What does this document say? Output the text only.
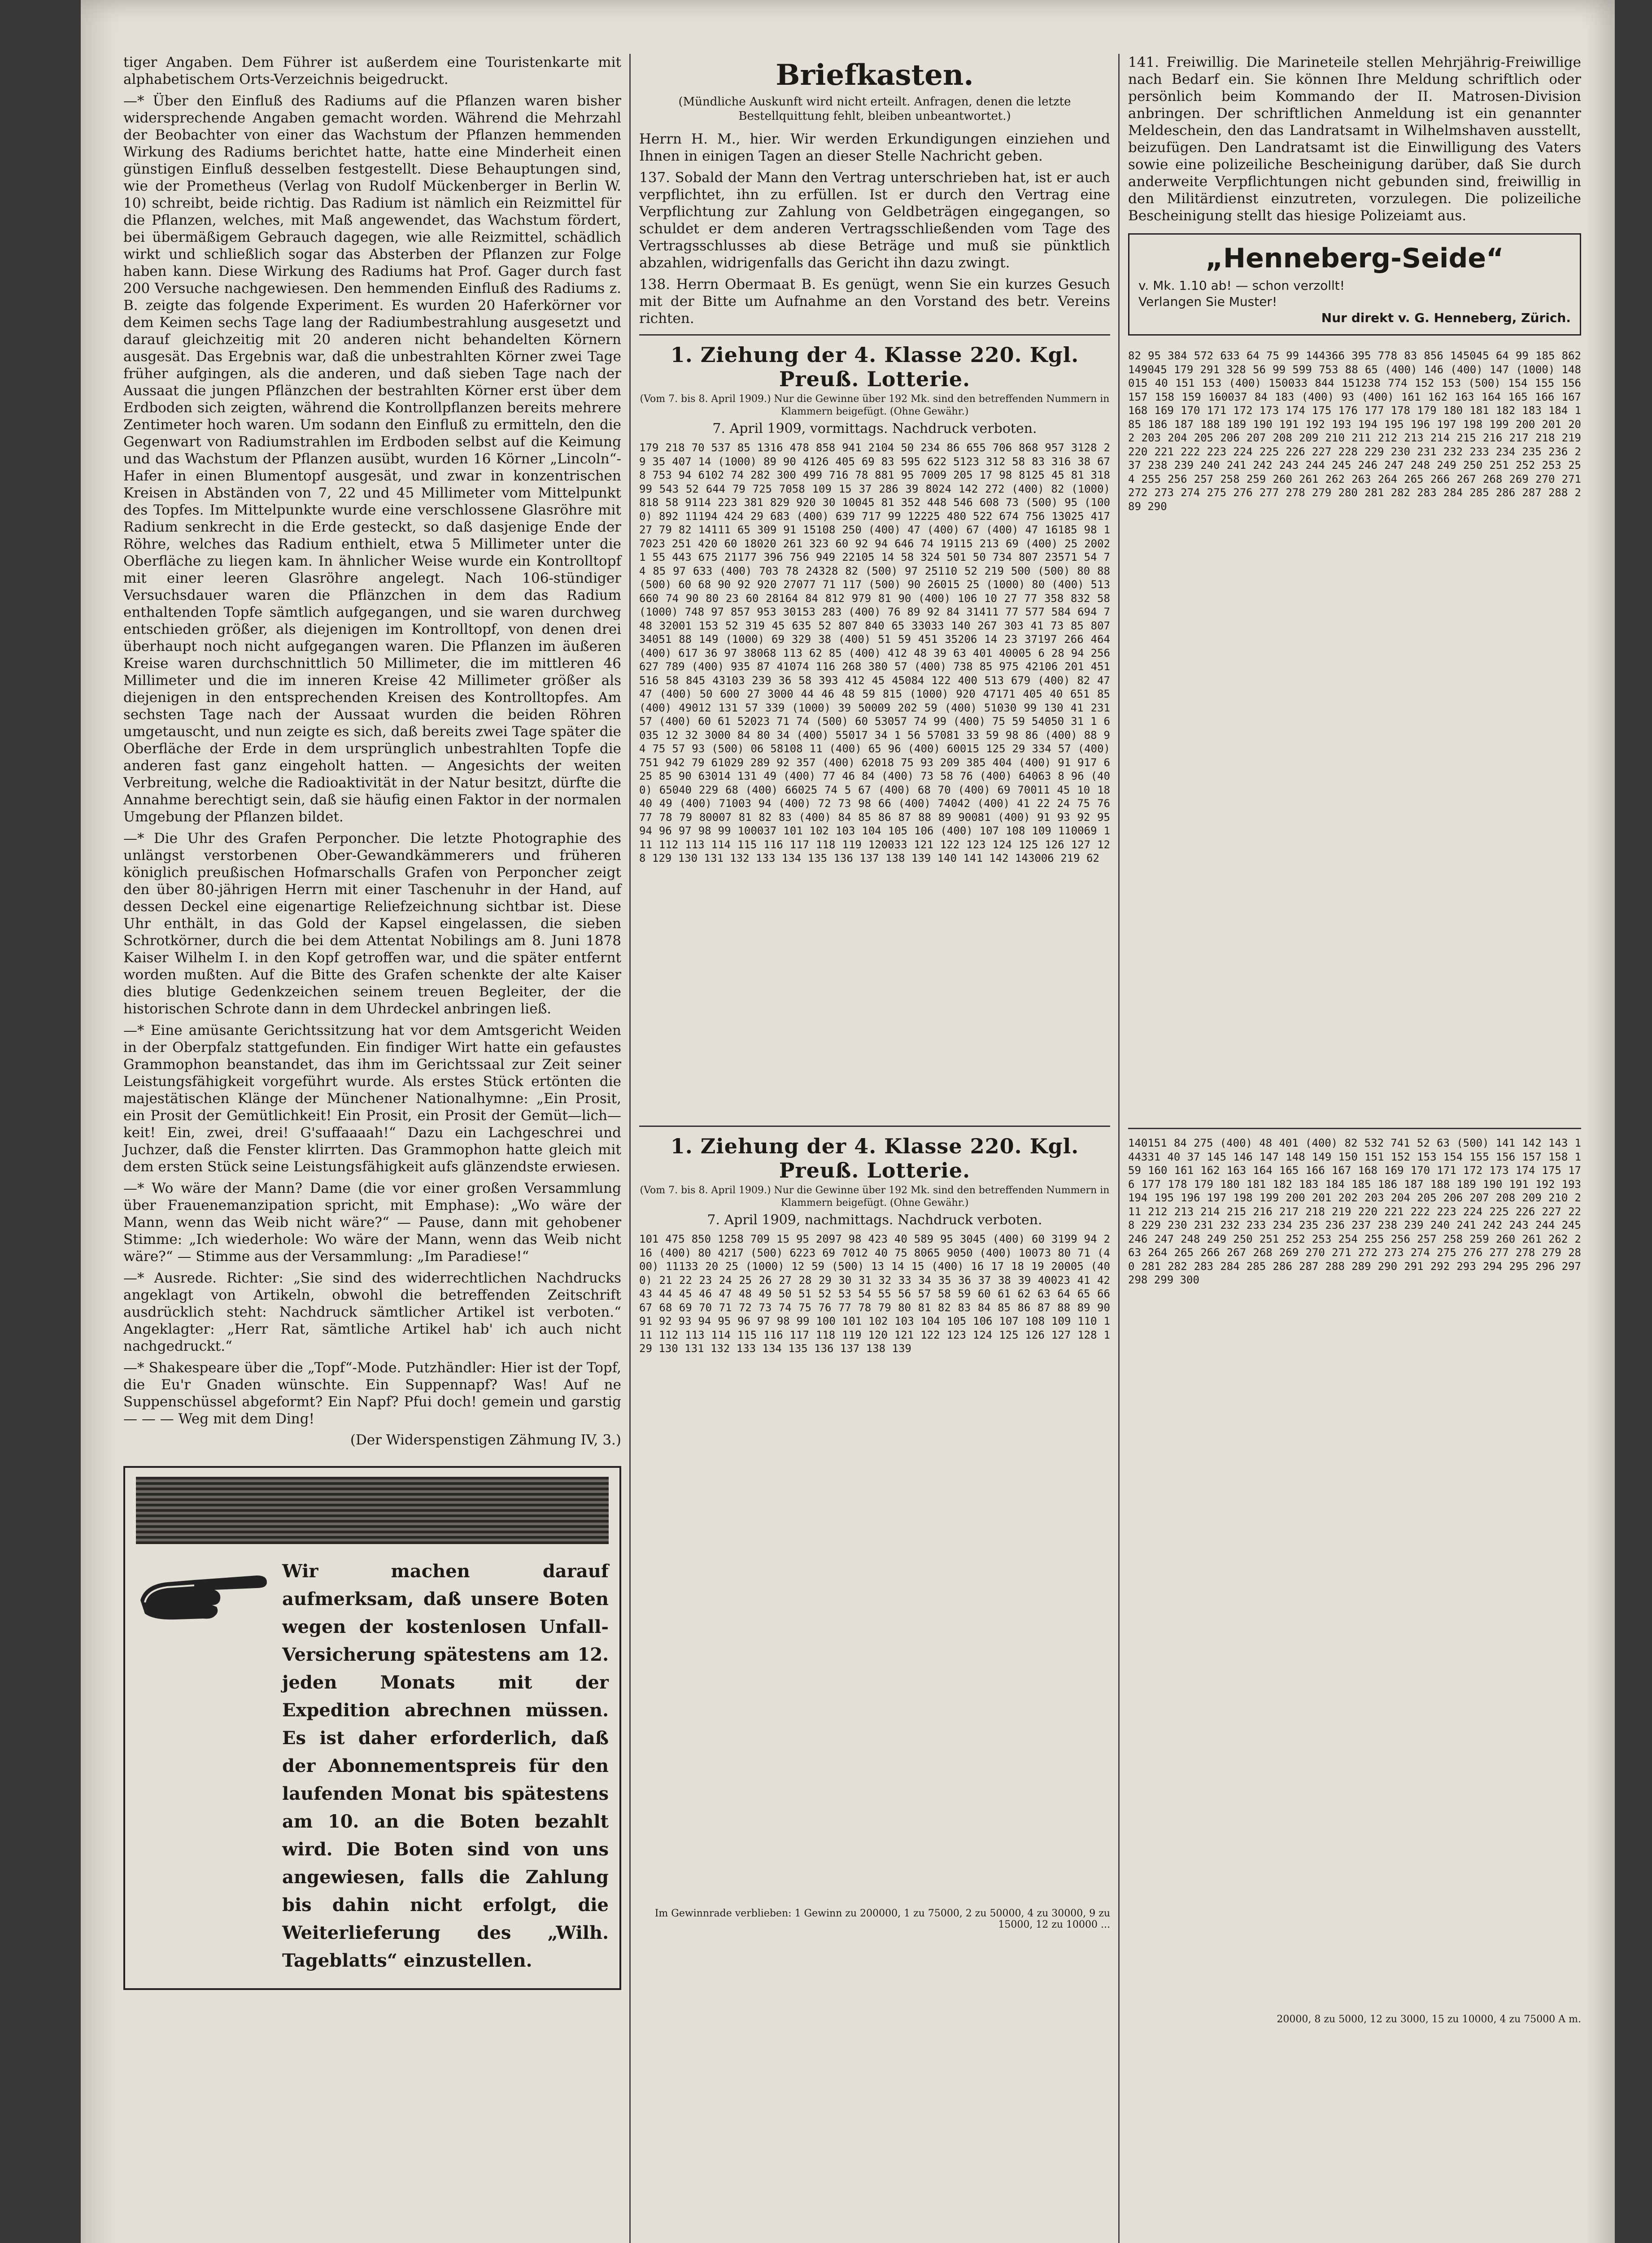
tiger Angaben. Dem Führer ist außerdem eine Touristenkarte mit alphabetischem Orts-Verzeichnis beigedruckt.

—* Über den Einfluß des Radiums auf die Pflanzen waren bisher widersprechende Angaben gemacht worden. Während die Mehrzahl der Beobachter von einer das Wachstum der Pflanzen hemmenden Wirkung des Radiums berichtet hatte, hatte eine Minderheit einen günstigen Einfluß desselben festgestellt. Diese Behauptungen sind, wie der Prometheus (Verlag von Rudolf Mückenberger in Berlin W. 10) schreibt, beide richtig. Das Radium ist nämlich ein Reizmittel für die Pflanzen, welches, mit Maß angewendet, das Wachstum fördert, bei übermäßigem Gebrauch dagegen, wie alle Reizmittel, schädlich wirkt und schließlich sogar das Absterben der Pflanzen zur Folge haben kann. Diese Wirkung des Radiums hat Prof. Gager durch fast 200 Versuche nachgewiesen. Den hemmenden Einfluß des Radiums z. B. zeigte das folgende Experiment. Es wurden 20 Haferkörner vor dem Keimen sechs Tage lang der Radiumbestrahlung ausgesetzt und darauf gleichzeitig mit 20 anderen nicht behandelten Körnern ausgesät. Das Ergebnis war, daß die unbestrahlten Körner zwei Tage früher aufgingen, als die anderen, und daß sieben Tage nach der Aussaat die jungen Pflänzchen der bestrahlten Körner erst über dem Erdboden sich zeigten, während die Kontrollpflanzen bereits mehrere Zentimeter hoch waren. Um sodann den Einfluß zu ermitteln, den die Gegenwart von Radiumstrahlen im Erdboden selbst auf die Keimung und das Wachstum der Pflanzen ausübt, wurden 16 Körner „Lincoln“-Hafer in einen Blumentopf ausgesät, und zwar in konzentrischen Kreisen in Abständen von 7, 22 und 45 Millimeter vom Mittelpunkt des Topfes. Im Mittelpunkte wurde eine verschlossene Glasröhre mit Radium senkrecht in die Erde gesteckt, so daß dasjenige Ende der Röhre, welches das Radium enthielt, etwa 5 Millimeter unter die Oberfläche zu liegen kam. In ähnlicher Weise wurde ein Kontrolltopf mit einer leeren Glasröhre angelegt. Nach 106-stündiger Versuchsdauer waren die Pflänzchen in dem das Radium enthaltenden Topfe sämtlich aufgegangen, und sie waren durchweg entschieden größer, als diejenigen im Kontrolltopf, von denen drei überhaupt noch nicht aufgegangen waren. Die Pflanzen im äußeren Kreise waren durchschnittlich 50 Millimeter, die im mittleren 46 Millimeter und die im inneren Kreise 42 Millimeter größer als diejenigen in den entsprechenden Kreisen des Kontrolltopfes. Am sechsten Tage nach der Aussaat wurden die beiden Röhren umgetauscht, und nun zeigte es sich, daß bereits zwei Tage später die Oberfläche der Erde in dem ursprünglich unbestrahlten Topfe die anderen fast ganz eingeholt hatten. — Angesichts der weiten Verbreitung, welche die Radioaktivität in der Natur besitzt, dürfte die Annahme berechtigt sein, daß sie häufig einen Faktor in der normalen Umgebung der Pflanzen bildet.

—* Die Uhr des Grafen Perponcher. Die letzte Photographie des unlängst verstorbenen Ober-Gewandkämmerers und früheren königlich preußischen Hofmarschalls Grafen von Perponcher zeigt den über 80-jährigen Herrn mit einer Taschenuhr in der Hand, auf dessen Deckel eine eigenartige Reliefzeichnung sichtbar ist. Diese Uhr enthält, in das Gold der Kapsel eingelassen, die sieben Schrotkörner, durch die bei dem Attentat Nobilings am 8. Juni 1878 Kaiser Wilhelm I. in den Kopf getroffen war, und die später entfernt worden mußten. Auf die Bitte des Grafen schenkte der alte Kaiser dies blutige Gedenkzeichen seinem treuen Begleiter, der die historischen Schrote dann in dem Uhrdeckel anbringen ließ.

—* Eine amüsante Gerichtssitzung hat vor dem Amtsgericht Weiden in der Oberpfalz stattgefunden. Ein findiger Wirt hatte ein gefaustes Grammophon beanstandet, das ihm im Gerichtssaal zur Zeit seiner Leistungsfähigkeit vorgeführt wurde. Als erstes Stück ertönten die majestätischen Klänge der Münchener Nationalhymne: „Ein Prosit, ein Prosit der Gemütlichkeit! Ein Prosit, ein Prosit der Gemüt—lich—keit! Ein, zwei, drei! G'suffaaaah!“ Dazu ein Lachgeschrei und Juchzer, daß die Fenster klirrten. Das Grammophon hatte gleich mit dem ersten Stück seine Leistungsfähigkeit aufs glänzendste erwiesen.

—* Wo wäre der Mann? Dame (die vor einer großen Versammlung über Frauenemanzipation spricht, mit Emphase): „Wo wäre der Mann, wenn das Weib nicht wäre?“ — Pause, dann mit gehobener Stimme: „Ich wiederhole: Wo wäre der Mann, wenn das Weib nicht wäre?“ — Stimme aus der Versammlung: „Im Paradiese!“

—* Ausrede. Richter: „Sie sind des widerrechtlichen Nachdrucks angeklagt von Artikeln, obwohl die betreffenden Zeitschrift ausdrücklich steht: Nachdruck sämtlicher Artikel ist verboten.“ Angeklagter: „Herr Rat, sämtliche Artikel hab' ich auch nicht nachgedruckt.“

—* Shakespeare über die „Topf“-Mode. Putzhändler: Hier ist der Topf, die Eu'r Gnaden wünschte. Ein Suppennapf? Was! Auf ne Suppenschüssel abgeformt? Ein Napf? Pfui doch! gemein und garstig — — — Weg mit dem Ding!

(Der Widerspenstigen Zähmung IV, 3.)

Wir machen darauf aufmerksam, daß unsere Boten wegen der kostenlosen Unfall-Versicherung spätestens am 12. jeden Monats mit der Expedition abrechnen müssen. Es ist daher erforderlich, daß der Abonnementspreis für den laufenden Monat bis spätestens am 10. an die Boten bezahlt wird. Die Boten sind von uns angewiesen, falls die Zahlung bis dahin nicht erfolgt, die Weiterlieferung des „Wilh. Tageblatts“ einzustellen.

Briefkasten.
(Mündliche Auskunft wird nicht erteilt. Anfragen, denen die letzte Bestellquittung fehlt, bleiben unbeantwortet.)

Herrn H. M., hier. Wir werden Erkundigungen einziehen und Ihnen in einigen Tagen an dieser Stelle Nachricht geben.

137. Sobald der Mann den Vertrag unterschrieben hat, ist er auch verpflichtet, ihn zu erfüllen. Ist er durch den Vertrag eine Verpflichtung zur Zahlung von Geldbeträgen eingegangen, so schuldet er dem anderen Vertragsschließenden vom Tage des Vertragsschlusses ab diese Beträge und muß sie pünktlich abzahlen, widrigenfalls das Gericht ihn dazu zwingt.

138. Herrn Obermaat B. Es genügt, wenn Sie ein kurzes Gesuch mit der Bitte um Aufnahme an den Vorstand des betr. Vereins richten.

1. Ziehung der 4. Klasse 220. Kgl. Preuß. Lotterie.
(Vom 7. bis 8. April 1909.) Nur die Gewinne über 192 Mk. sind den betreffenden Nummern in Klammern beigefügt. (Ohne Gewähr.)
7. April 1909, vormittags. Nachdruck verboten.

179 218 70 537 85 1316 478 858 941 2104 50 234 86 655 706 868 957 3128 29 35 407 14 (1000) 89 90 4126 405 69 83 595 622 5123 312 58 83 316 38 678 753 94 6102 74 282 300 499 716 78 881 95 7009 205 17 98 8125 45 81 318 99 543 52 644 79 725 7058 109 15 37 286 39 8024 142 272 (400) 82 (1000) 818 58 9114 223 381 829 920 30 10045 81 352 448 546 608 73 (500) 95 (1000) 892 11194 424 29 683 (400) 639 717 99 12225 480 522 674 756 13025 417 27 79 82 14111 65 309 91 15108 250 (400) 47 (400) 67 (400) 47 16185 98 17023 251 420 60 18020 261 323 60 92 94 646 74 19115 213 69 (400) 25 20021 55 443 675 21177 396 756 949 22105 14 58 324 501 50 734 807 23571 54 74 85 97 633 (400) 703 78 24328 82 (500) 97 25110 52 219 500 (500) 80 88 (500) 60 68 90 92 920 27077 71 117 (500) 90 26015 25 (1000) 80 (400) 513 660 74 90 80 23 60 28164 84 812 979 81 90 (400) 106 10 27 77 358 832 58 (1000) 748 97 857 953 30153 283 (400) 76 89 92 84 31411 77 577 584 694 748 32001 153 52 319 45 635 52 807 840 65 33033 140 267 303 41 73 85 807 34051 88 149 (1000) 69 329 38 (400) 51 59 451 35206 14 23 37197 266 464 (400) 617 36 97 38068 113 62 85 (400) 412 48 39 63 401 40005 6 28 94 256 627 789 (400) 935 87 41074 116 268 380 57 (400) 738 85 975 42106 201 451 516 58 845 43103 239 36 58 393 412 45 45084 122 400 513 679 (400) 82 47 47 (400) 50 600 27 3000 44 46 48 59 815 (1000) 920 47171 405 40 651 85 (400) 49012 131 57 339 (1000) 39 50009 202 59 (400) 51030 99 130 41 231 57 (400) 60 61 52023 71 74 (500) 60 53057 74 99 (400) 75 59 54050 31 1 6035 12 32 3000 84 80 34 (400) 55017 34 1 56 57081 33 59 98 86 (400) 88 94 75 57 93 (500) 06 58108 11 (400) 65 96 (400) 60015 125 29 334 57 (400) 751 942 79 61029 289 92 357 (400) 62018 75 93 209 385 404 (400) 91 917 625 85 90 63014 131 49 (400) 77 46 84 (400) 73 58 76 (400) 64063 8 96 (400) 65040 229 68 (400) 66025 74 5 67 (400) 68 70 (400) 69 70011 45 10 18 40 49 (400) 71003 94 (400) 72 73 98 66 (400) 74042 (400) 41 22 24 75 76 77 78 79 80007 81 82 83 (400) 84 85 86 87 88 89 90081 (400) 91 93 92 95 94 96 97 98 99 100037 101 102 103 104 105 106 (400) 107 108 109 110069 111 112 113 114 115 116 117 118 119 120033 121 122 123 124 125 126 127 128 129 130 131 132 133 134 135 136 137 138 139 140 141 142 143006 219 62

1. Ziehung der 4. Klasse 220. Kgl. Preuß. Lotterie.
(Vom 7. bis 8. April 1909.) Nur die Gewinne über 192 Mk. sind den betreffenden Nummern in Klammern beigefügt. (Ohne Gewähr.)
7. April 1909, nachmittags. Nachdruck verboten.

101 475 850 1258 709 15 95 2097 98 423 40 589 95 3045 (400) 60 3199 94 216 (400) 80 4217 (500) 6223 69 7012 40 75 8065 9050 (400) 10073 80 71 (400) 11133 20 25 (1000) 12 59 (500) 13 14 15 (400) 16 17 18 19 20005 (400) 21 22 23 24 25 26 27 28 29 30 31 32 33 34 35 36 37 38 39 40023 41 42 43 44 45 46 47 48 49 50 51 52 53 54 55 56 57 58 59 60 61 62 63 64 65 66 67 68 69 70 71 72 73 74 75 76 77 78 79 80 81 82 83 84 85 86 87 88 89 90 91 92 93 94 95 96 97 98 99 100 101 102 103 104 105 106 107 108 109 110 111 112 113 114 115 116 117 118 119 120 121 122 123 124 125 126 127 128 129 130 131 132 133 134 135 136 137 138 139

Im Gewinnrade verblieben: 1 Gewinn zu 200000, 1 zu 75000, 2 zu 50000, 4 zu 30000, 9 zu 15000, 12 zu 10000 ...

141. Freiwillig. Die Marineteile stellen Mehrjährig-Freiwillige nach Bedarf ein. Sie können Ihre Meldung schriftlich oder persönlich beim Kommando der II. Matrosen-Division anbringen. Der schriftlichen Anmeldung ist ein genannter Meldeschein, den das Landratsamt in Wilhelmshaven ausstellt, beizufügen. Den Landratsamt ist die Einwilligung des Vaters sowie eine polizeiliche Bescheinigung darüber, daß Sie durch anderweite Verpflichtungen nicht gebunden sind, freiwillig in den Militärdienst einzutreten, vorzulegen. Die polizeiliche Bescheinigung stellt das hiesige Polizeiamt aus.

„Henneberg-Seide“

v. Mk. 1.10 ab! — schon verzollt!

Verlangen Sie Muster!

Nur direkt v. G. Henneberg, Zürich.

82 95 384 572 633 64 75 99 144366 395 778 83 856 145045 64 99 185 862 149045 179 291 328 56 99 599 753 88 65 (400) 146 (400) 147 (1000) 148015 40 151 153 (400) 150033 844 151238 774 152 153 (500) 154 155 156 157 158 159 160037 84 183 (400) 93 (400) 161 162 163 164 165 166 167 168 169 170 171 172 173 174 175 176 177 178 179 180 181 182 183 184 185 186 187 188 189 190 191 192 193 194 195 196 197 198 199 200 201 202 203 204 205 206 207 208 209 210 211 212 213 214 215 216 217 218 219 220 221 222 223 224 225 226 227 228 229 230 231 232 233 234 235 236 237 238 239 240 241 242 243 244 245 246 247 248 249 250 251 252 253 254 255 256 257 258 259 260 261 262 263 264 265 266 267 268 269 270 271 272 273 274 275 276 277 278 279 280 281 282 283 284 285 286 287 288 289 290

140151 84 275 (400) 48 401 (400) 82 532 741 52 63 (500) 141 142 143 144331 40 37 145 146 147 148 149 150 151 152 153 154 155 156 157 158 159 160 161 162 163 164 165 166 167 168 169 170 171 172 173 174 175 176 177 178 179 180 181 182 183 184 185 186 187 188 189 190 191 192 193 194 195 196 197 198 199 200 201 202 203 204 205 206 207 208 209 210 211 212 213 214 215 216 217 218 219 220 221 222 223 224 225 226 227 228 229 230 231 232 233 234 235 236 237 238 239 240 241 242 243 244 245 246 247 248 249 250 251 252 253 254 255 256 257 258 259 260 261 262 263 264 265 266 267 268 269 270 271 272 273 274 275 276 277 278 279 280 281 282 283 284 285 286 287 288 289 290 291 292 293 294 295 296 297 298 299 300

20000, 8 zu 5000, 12 zu 3000, 15 zu 10000, 4 zu 75000 A m.
